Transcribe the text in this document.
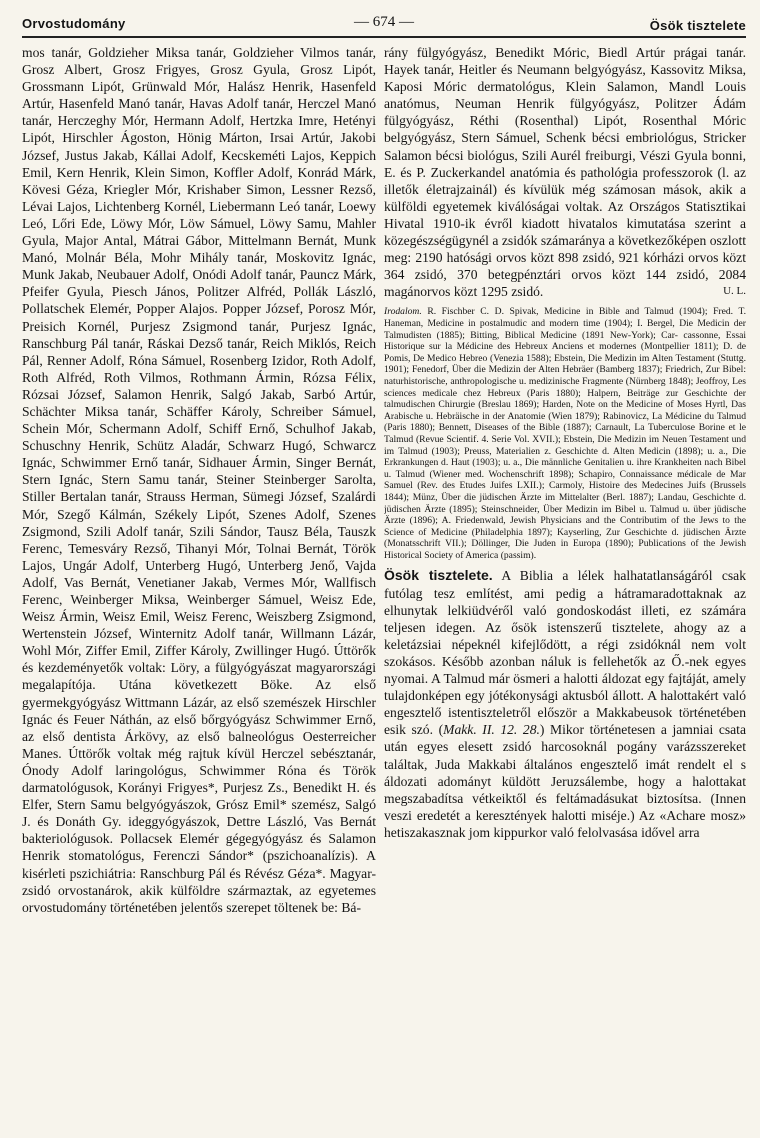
Orvostudomány	— 674 —	Ösök tisztelete

mos tanár, Goldzieher Miksa tanár, Goldzieher Vilmos tanár, Grosz Albert, Grosz Frigyes, Grosz Gyula, Grosz Lipót, Grossmann Lipót, Grünwald Mór, Halász Henrik, Hasenfeld Artúr, Hasenfeld Manó tanár, Havas Adolf tanár, Herczel Manó tanár, Herczeghy Mór, Hermann Adolf, Hertzka Imre, Hetényi Lipót, Hirschler Ágoston, Hönig Márton, Irsai Artúr, Jakobi József, Justus Jakab, Kállai Adolf, Kecskeméti Lajos, Keppich Emil, Kern Henrik, Klein Simon, Koffler Adolf, Konrád Márk, Kövesi Géza, Kriegler Mór, Krishaber Simon, Lessner Rezső, Lévai Lajos, Lichtenberg Kornél, Liebermann Leó tanár, Loewy Leó, Lőri Ede, Löwy Mór, Löw Sámuel, Löwy Samu, Mahler Gyula, Major Antal, Mátrai Gábor, Mittelmann Bernát, Munk Manó, Molnár Béla, Mohr Mihály tanár, Moskovitz Ignác, Munk Jakab, Neubauer Adolf, Onódi Adolf tanár, Pauncz Márk, Pfeifer Gyula, Piesch János, Politzer Alfréd, Pollák László, Pollatschek Elemér, Popper Alajos. Popper József, Porosz Mór, Preisich Kornél, Purjesz Zsigmond tanár, Purjesz Ignác, Ranschburg Pál tanár, Ráskai Dezső tanár, Reich Miklós, Reich Pál, Renner Adolf, Róna Sámuel, Rosenberg Izidor, Roth Adolf, Roth Alfréd, Roth Vilmos, Rothmann Ármin, Rózsa Félix, Rózsai József, Salamon Henrik, Salgó Jakab, Sarbó Artúr, Schächter Miksa tanár, Schäffer Károly, Schreiber Sámuel, Schein Mór, Schermann Adolf, Schiff Ernő, Schulhof Jakab, Schuschny Henrik, Schütz Aladár, Schwarz Hugó, Schwarcz Ignác, Schwimmer Ernő tanár, Sidhauer Ármin, Singer Bernát, Stern Ignác, Stern Samu tanár, Steiner Steinberger Sarolta, Stiller Bertalan tanár, Strauss Herman, Sümegi József, Szalárdi Mór, Szegő Kálmán, Székely Lipót, Szenes Adolf, Szenes Zsigmond, Szili Adolf tanár, Szili Sándor, Tausz Béla, Tauszk Ferenc, Temesváry Rezső, Tihanyi Mór, Tolnai Bernát, Török Lajos, Ungár Adolf, Unterberg Hugó, Unterberg Jenő, Vajda Adolf, Vas Bernát, Venetianer Jakab, Vermes Mór, Wallfisch Ferenc, Weinberger Miksa, Weinberger Sámuel, Weisz Ede, Weisz Ármin, Weisz Emil, Weisz Ferenc, Weiszberg Zsigmond, Wertenstein József, Winternitz Adolf tanár, Willmann Lázár, Wohl Mór, Ziffer Emil, Ziffer Károly, Zwillinger Hugó. Úttörők és kezdeményetők voltak: Löry, a fülgyógyászat magyarországi megalapítója. Utána következett Böke. Az első gyermekgyógyász Wittmann Lázár, az első szemészek Hirschler Ignác és Feuer Náthán, az első bőrgyógyász Schwimmer Ernő, az első dentista Árkövy, az első balneológus Oesterreicher Manes. Úttörők voltak még rajtuk kívül Herczel sebésztanár, Ónody Adolf laringológus, Schwimmer Róna és Török darmatológusok, Korányi Frigyes*, Purjesz Zs., Benedikt H. és Elfer, Stern Samu belgyógyászok, Grósz Emil* szemész, Salgó J. és Donáth Gy. ideggyógyászok, Dettre László, Vas Bernát bakteriológusok. Pollacsek Elemér gégegyógyász és Salamon Henrik stomatológus, Ferenczi Sándor* (pszichoanalízis). A kisérleti pszichiátria: Ranschburg Pál és Révész Géza*. Magyar-zsidó orvostanárok, akik külföldre származtak, az egyetemes orvostudomány történetében jelentős szerepet töltenek be: Bá-

rány fülgyógyász, Benedikt Móric, Biedl Artúr prágai tanár. Hayek tanár, Heitler és Neumann belgyógyász, Kassovitz Miksa, Kaposi Móric dermatológus, Klein Salamon, Mandl Louis anatómus, Neuman Henrik fülgyógyász, Politzer Ádám fülgyógyász, Réthi (Rosenthal) Lipót, Rosenthal Móric belgyógyász, Stern Sámuel, Schenk bécsi embriológus, Stricker Salamon bécsi biológus, Szili Aurél freiburgi, Vészi Gyula bonni, E. és P. Zuckerkandel anatómia és pathológia professzorok (l. az illetők életrajzainál) és kívülük még számosan mások, akik a külföldi egyetemek kiválóságai voltak. Az Országos Statisztikai Hivatal 1910-ik évről kiadott hivatalos kimutatása szerint a közegészségügynél a zsidók számaránya a következőképen oszlott meg: 2190 hatósági orvos közt 898 zsidó, 921 kórházi orvos közt 364 zsidó, 370 betegpénztári orvos közt 144 zsidó, 2084 magánorvos közt 1295 zsidó.	U. L.

Irodalom. R. Fischber C. D. Spivak, Medicine in Bible and Talmud (1904); Fred. T. Haneman, Medicine in postalmudic and modern time (1904); I. Bergel, Die Medicin der Talmudisten (1885); Bitting, Biblical Medicine (1891 New-York); Car- cassonne, Essai Historique sur la Médicine des Hebreux Anciens et modernes (Montpellier 1811); D. de Pomis, De Medico Hebreo (Venezia 1588); Ebstein, Die Medizin im Alten Testament (Stuttg. 1901); Fenedorf, Über die Medizin der Alten Hebräer (Bamberg 1837); Friedrich, Zur Bibel: naturhistorische, anthropologische u. medizinische Fragmente (Nürnberg 1848); Jeoffroy, Les sciences medicale chez Hebreux (Paris 1880); Halpern, Beiträge zur Geschichte der talmudischen Chirurgie (Breslau 1869); Harden, Note on the Medicine of Moses Hyrtl, Das Arabische u. Hebräische in der Anatomie (Wien 1879); Rabinovicz, La Médicine du Talmud (Paris 1880); Bennett, Diseases of the Bible (1887); Carnault, La Tuberculose Borine et le Talmud (Revue Scientif. 4. Serie Vol. XVII.); Ebstein, Die Medizin im Neuen Testament und im Talmud (1903); Preuss, Materialien z. Geschichte d. Alten Medicin (1898); u. a., Die Erkrankungen d. Haut (1903); u. a., Die männliche Genitalien u. ihre Krankheiten nach Bibel u. Talmud (Wiener med. Wochenschrift 1898); Schapiro, Connaissance médicale de Mar Samuel (Rev. des Etudes Juifes LXII.); Carmoly, Histoire des Medecines Juifs (Brussels 1844); Münz, Über die jüdischen Ärzte im Mittelalter (Berl. 1887); Landau, Geschichte d. jüdischen Ärzte (1895); Steinschneider, Über Medizin im Bibel u. Talmud u. über jüdische Ärzte (1896); A. Friedenwald, Jewish Physicians and the Contributim of the Jews to the Science of Medicine (Philadelphia 1897); Kayserling, Zur Geschichte d. jüdischen Ärzte (Monatsschrift VII.); Döllinger, Die Juden in Europa (1890); Publications of the Jewish Historical Society of America (passim).

Ösök tisztelete. A Biblia a lélek halhatatlanságáról csak futólag tesz említést, ami pedig a hátramaradottaknak az elhunytak lelkiüdvéről való gondoskodást illeti, ez számára teljesen idegen. Az ősök istenszerű tisztelete, ahogy az a keletázsiai népeknél kifejlődött, a régi zsidóknál nem volt szokásos. Később azonban náluk is fellehetők az Ő.-nek egyes nyomai. A Talmud már ösmeri a halotti áldozat egy fajtáját, amely tulajdonképen egy jótékonysági aktusból állott. A halottakért való engesztelő istentiszteletről először a Makkabeusok történetében esik szó. (Makk. II. 12. 28.) Mikor történetesen a jamniai csata után egyes elesett zsidó harcosoknál pogány varázsszereket találtak, Juda Makkabi általános engesztelő imát rendelt el s áldozati adományt küldött Jeruzsálembe, hogy a halottakat megszabadítsa vétkeiktől és feltámadásukat biztosítsa. (Innen veszi eredetét a keresztények halotti miséje.) Az «Achare mosz» hetiszakasznak jom kippurkor való felolvasása idővel arra
